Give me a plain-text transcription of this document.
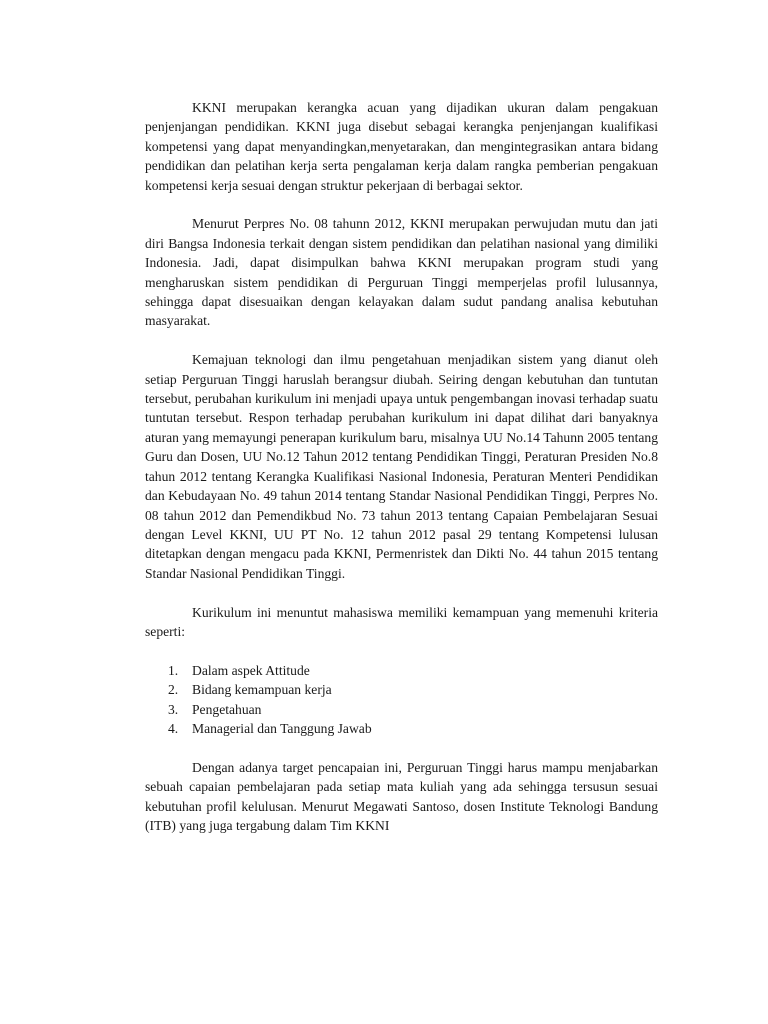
KKNI merupakan kerangka acuan yang dijadikan ukuran dalam pengakuan penjenjangan pendidikan. KKNI juga disebut sebagai kerangka penjenjangan kualifikasi kompetensi yang dapat menyandingkan,menyetarakan, dan mengintegrasikan antara bidang pendidikan dan pelatihan kerja serta pengalaman kerja dalam rangka pemberian pengakuan kompetensi kerja sesuai dengan struktur pekerjaan di berbagai sektor.

Menurut Perpres No. 08 tahunn 2012, KKNI merupakan perwujudan mutu dan jati diri Bangsa Indonesia terkait dengan sistem pendidikan dan pelatihan nasional yang dimiliki Indonesia. Jadi, dapat disimpulkan bahwa KKNI merupakan program studi yang mengharuskan sistem pendidikan di Perguruan Tinggi memperjelas profil lulusannya, sehingga dapat disesuaikan dengan kelayakan dalam sudut pandang analisa kebutuhan masyarakat.

Kemajuan teknologi dan ilmu pengetahuan menjadikan sistem yang dianut oleh setiap Perguruan Tinggi haruslah berangsur diubah. Seiring dengan kebutuhan dan tuntutan tersebut, perubahan kurikulum ini menjadi upaya untuk pengembangan inovasi terhadap suatu tuntutan tersebut. Respon terhadap perubahan kurikulum ini dapat dilihat dari banyaknya aturan yang memayungi penerapan kurikulum baru, misalnya UU No.14 Tahunn 2005 tentang Guru dan Dosen, UU No.12 Tahun 2012 tentang Pendidikan Tinggi, Peraturan Presiden No.8 tahun 2012 tentang Kerangka Kualifikasi Nasional Indonesia, Peraturan Menteri Pendidikan dan Kebudayaan No. 49 tahun 2014 tentang Standar Nasional Pendidikan Tinggi, Perpres No. 08 tahun 2012 dan Pemendikbud No. 73 tahun 2013 tentang Capaian Pembelajaran Sesuai dengan Level KKNI, UU PT No. 12 tahun 2012 pasal 29 tentang Kompetensi lulusan ditetapkan dengan mengacu pada KKNI, Permenristek dan Dikti No. 44 tahun 2015 tentang Standar Nasional Pendidikan Tinggi.

Kurikulum ini menuntut mahasiswa memiliki kemampuan yang memenuhi kriteria seperti:

1.	Dalam aspek Attitude
2.	Bidang kemampuan kerja
3.	Pengetahuan
4.	Managerial dan Tanggung Jawab

Dengan adanya target pencapaian ini, Perguruan Tinggi harus mampu menjabarkan sebuah capaian pembelajaran pada setiap mata kuliah yang ada sehingga tersusun sesuai kebutuhan profil kelulusan. Menurut Megawati Santoso, dosen Institute Teknologi Bandung (ITB) yang juga tergabung dalam Tim KKNI
